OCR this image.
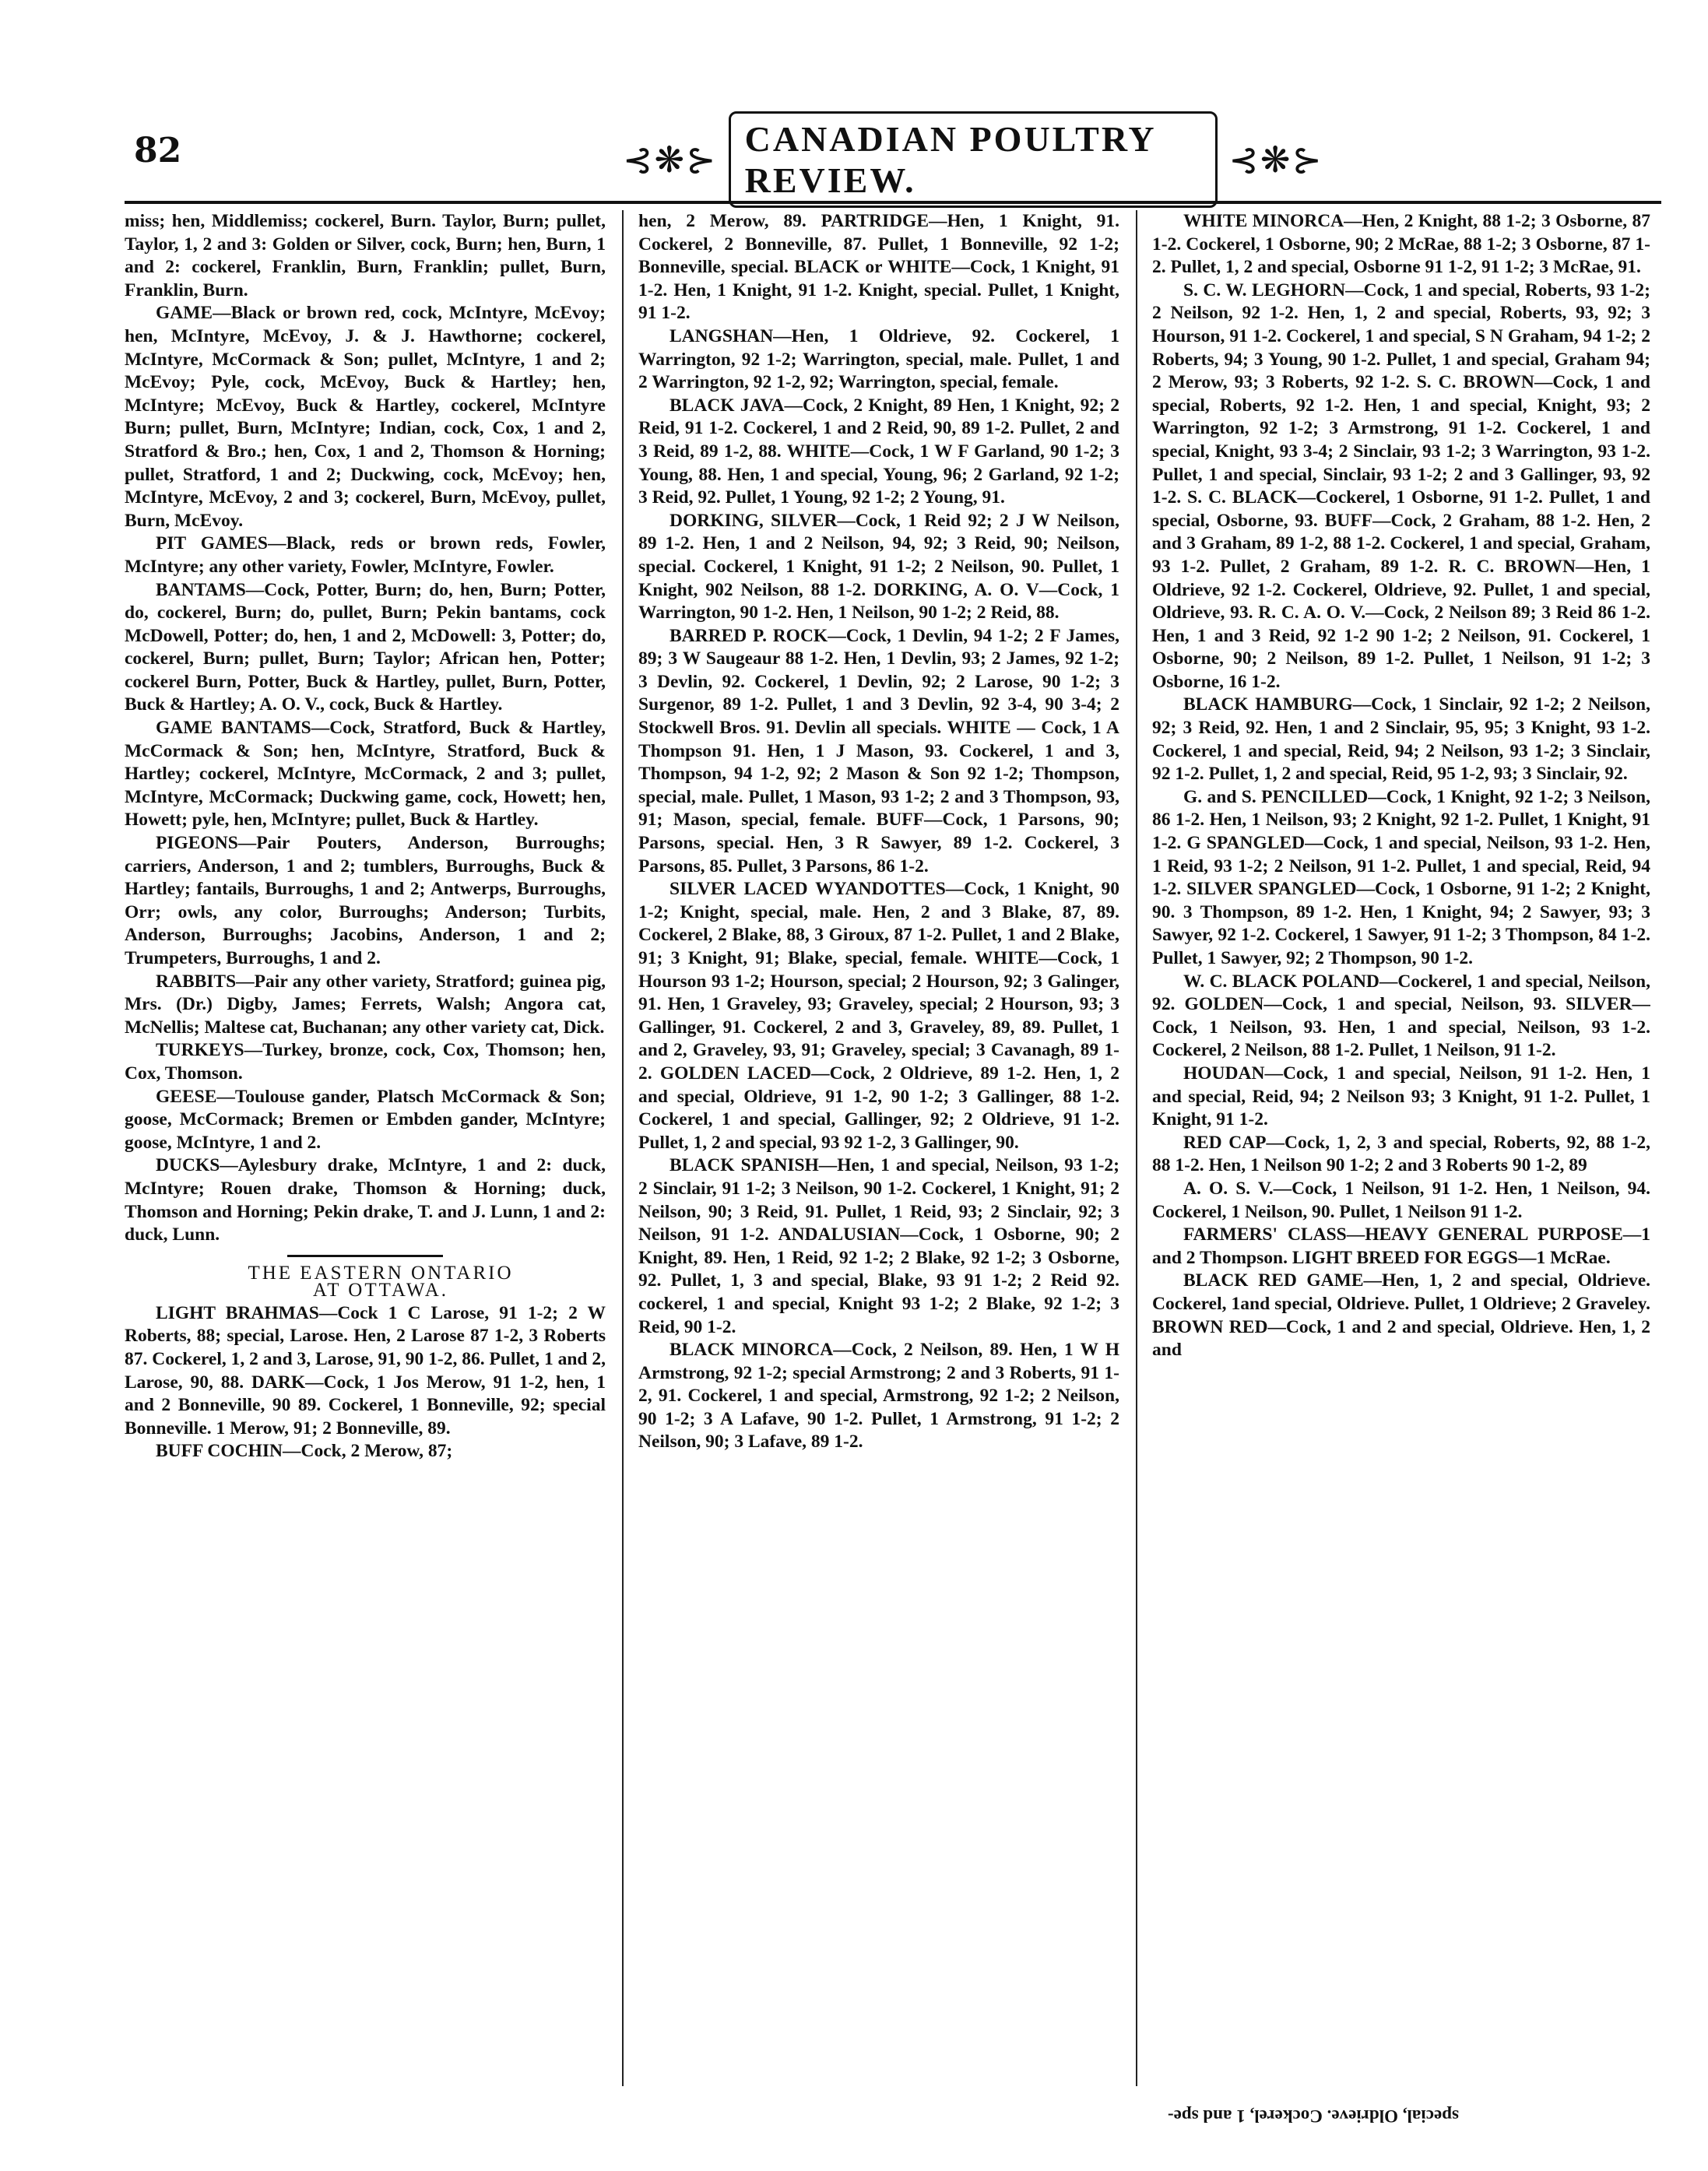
82	⊰❋⊱ CANADIAN POULTRY REVIEW.	⊰❋⊱

miss; hen, Middlemiss; cockerel, Burn. Taylor, Burn; pullet, Taylor, 1, 2 and 3: Golden or Silver, cock, Burn; hen, Burn, 1 and 2: cockerel, Franklin, Burn, Franklin; pullet, Burn, Franklin, Burn.

GAME—Black or brown red, cock, McIntyre, McEvoy; hen, McIntyre, McEvoy, J. & J. Hawthorne; cockerel, McIntyre, McCormack & Son; pullet, McIntyre, 1 and 2; McEvoy; Pyle, cock, McEvoy, Buck & Hartley; hen, McIntyre; McEvoy, Buck & Hartley, cockerel, McIntyre Burn; pullet, Burn, McIntyre; Indian, cock, Cox, 1 and 2, Stratford & Bro.; hen, Cox, 1 and 2, Thomson & Horning; pullet, Stratford, 1 and 2; Duckwing, cock, McEvoy; hen, McIntyre, McEvoy, 2 and 3; cockerel, Burn, McEvoy, pullet, Burn, McEvoy.

PIT GAMES—Black, reds or brown reds, Fowler, McIntyre; any other variety, Fowler, McIntyre, Fowler.

BANTAMS—Cock, Potter, Burn; do, hen, Burn; Potter, do, cockerel, Burn; do, pullet, Burn; Pekin bantams, cock McDowell, Potter; do, hen, 1 and 2, McDowell: 3, Potter; do, cockerel, Burn; pullet, Burn; Taylor; African hen, Potter; cockerel Burn, Potter, Buck & Hartley, pullet, Burn, Potter, Buck & Hartley; A. O. V., cock, Buck & Hartley.

GAME BANTAMS—Cock, Stratford, Buck & Hartley, McCormack & Son; hen, McIntyre, Stratford, Buck & Hartley; cockerel, McIntyre, McCormack, 2 and 3; pullet, McIntyre, McCormack; Duckwing game, cock, Howett; hen, Howett; pyle, hen, McIntyre; pullet, Buck & Hartley.

PIGEONS—Pair Pouters, Anderson, Burroughs; carriers, Anderson, 1 and 2; tumblers, Burroughs, Buck & Hartley; fantails, Burroughs, 1 and 2; Antwerps, Burroughs, Orr; owls, any color, Burroughs; Anderson; Turbits, Anderson, Burroughs; Jacobins, Anderson, 1 and 2; Trumpeters, Burroughs, 1 and 2.

RABBITS—Pair any other variety, Stratford; guinea pig, Mrs. (Dr.) Digby, James; Ferrets, Walsh; Angora cat, McNellis; Maltese cat, Buchanan; any other variety cat, Dick.

TURKEYS—Turkey, bronze, cock, Cox, Thomson; hen, Cox, Thomson.

GEESE—Toulouse gander, Platsch McCormack & Son; goose, McCormack; Bremen or Embden gander, McIntyre; goose, McIntyre, 1 and 2.

DUCKS—Aylesbury drake, McIntyre, 1 and 2: duck, McIntyre; Rouen drake, Thomson & Horning; duck, Thomson and Horning; Pekin drake, T. and J. Lunn, 1 and 2: duck, Lunn.

THE EASTERN ONTARIO

AT OTTAWA.

LIGHT BRAHMAS—Cock 1 C Larose, 91 1-2; 2 W Roberts, 88; special, Larose. Hen, 2 Larose 87 1-2, 3 Roberts 87. Cockerel, 1, 2 and 3, Larose, 91, 90 1-2, 86. Pullet, 1 and 2, Larose, 90, 88. DARK—Cock, 1 Jos Merow, 91 1-2, hen, 1 and 2 Bonneville, 90 89. Cockerel, 1 Bonneville, 92; special Bonneville. 1 Merow, 91; 2 Bonneville, 89.

BUFF COCHIN—Cock, 2 Merow, 87;

hen, 2 Merow, 89. PARTRIDGE—Hen, 1 Knight, 91. Cockerel, 2 Bonneville, 87. Pullet, 1 Bonneville, 92 1-2; Bonneville, special. BLACK or WHITE—Cock, 1 Knight, 91 1-2. Hen, 1 Knight, 91 1-2. Knight, special. Pullet, 1 Knight, 91 1-2.

LANGSHAN—Hen, 1 Oldrieve, 92. Cockerel, 1 Warrington, 92 1-2; Warrington, special, male. Pullet, 1 and 2 Warrington, 92 1-2, 92; Warrington, special, female.

BLACK JAVA—Cock, 2 Knight, 89 Hen, 1 Knight, 92; 2 Reid, 91 1-2. Cockerel, 1 and 2 Reid, 90, 89 1-2. Pullet, 2 and 3 Reid, 89 1-2, 88. WHITE—Cock, 1 W F Garland, 90 1-2; 3 Young, 88. Hen, 1 and special, Young, 96; 2 Garland, 92 1-2; 3 Reid, 92. Pullet, 1 Young, 92 1-2; 2 Young, 91.

DORKING, SILVER—Cock, 1 Reid 92; 2 J W Neilson, 89 1-2. Hen, 1 and 2 Neilson, 94, 92; 3 Reid, 90; Neilson, special. Cockerel, 1 Knight, 91 1-2; 2 Neilson, 90. Pullet, 1 Knight, 902 Neilson, 88 1-2. DORKING, A. O. V—Cock, 1 Warrington, 90 1-2. Hen, 1 Neilson, 90 1-2; 2 Reid, 88.

BARRED P. ROCK—Cock, 1 Devlin, 94 1-2; 2 F James, 89; 3 W Saugeaur 88 1-2. Hen, 1 Devlin, 93; 2 James, 92 1-2; 3 Devlin, 92. Cockerel, 1 Devlin, 92; 2 Larose, 90 1-2; 3 Surgenor, 89 1-2. Pullet, 1 and 3 Devlin, 92 3-4, 90 3-4; 2 Stockwell Bros. 91. Devlin all specials. WHITE — Cock, 1 A Thompson 91. Hen, 1 J Mason, 93. Cockerel, 1 and 3, Thompson, 94 1-2, 92; 2 Mason & Son 92 1-2; Thompson, special, male. Pullet, 1 Mason, 93 1-2; 2 and 3 Thompson, 93, 91; Mason, special, female. BUFF—Cock, 1 Parsons, 90; Parsons, special. Hen, 3 R Sawyer, 89 1-2. Cockerel, 3 Parsons, 85. Pullet, 3 Parsons, 86 1-2.

SILVER LACED WYANDOTTES—Cock, 1 Knight, 90 1-2; Knight, special, male. Hen, 2 and 3 Blake, 87, 89. Cockerel, 2 Blake, 88, 3 Giroux, 87 1-2. Pullet, 1 and 2 Blake, 91; 3 Knight, 91; Blake, special, female. WHITE—Cock, 1 Hourson 93 1-2; Hourson, special; 2 Hourson, 92; 3 Galinger, 91. Hen, 1 Graveley, 93; Graveley, special; 2 Hourson, 93; 3 Gallinger, 91. Cockerel, 2 and 3, Graveley, 89, 89. Pullet, 1 and 2, Graveley, 93, 91; Graveley, special; 3 Cavanagh, 89 1-2. GOLDEN LACED—Cock, 2 Oldrieve, 89 1-2. Hen, 1, 2 and special, Oldrieve, 91 1-2, 90 1-2; 3 Gallinger, 88 1-2. Cockerel, 1 and special, Gallinger, 92; 2 Oldrieve, 91 1-2. Pullet, 1, 2 and special, 93 92 1-2, 3 Gallinger, 90.

BLACK SPANISH—Hen, 1 and special, Neilson, 93 1-2; 2 Sinclair, 91 1-2; 3 Neilson, 90 1-2. Cockerel, 1 Knight, 91; 2 Neilson, 90; 3 Reid, 91. Pullet, 1 Reid, 93; 2 Sinclair, 92; 3 Neilson, 91 1-2. ANDALUSIAN—Cock, 1 Osborne, 90; 2 Knight, 89. Hen, 1 Reid, 92 1-2; 2 Blake, 92 1-2; 3 Osborne, 92. Pullet, 1, 3 and special, Blake, 93 91 1-2; 2 Reid 92. cockerel, 1 and special, Knight 93 1-2; 2 Blake, 92 1-2; 3 Reid, 90 1-2.

BLACK MINORCA—Cock, 2 Neilson, 89. Hen, 1 W H Armstrong, 92 1-2; special Armstrong; 2 and 3 Roberts, 91 1-2, 91. Cockerel, 1 and special, Armstrong, 92 1-2; 2 Neilson, 90 1-2; 3 A Lafave, 90 1-2. Pullet, 1 Armstrong, 91 1-2; 2 Neilson, 90; 3 Lafave, 89 1-2.

WHITE MINORCA—Hen, 2 Knight, 88 1-2; 3 Osborne, 87 1-2. Cockerel, 1 Osborne, 90; 2 McRae, 88 1-2; 3 Osborne, 87 1-2. Pullet, 1, 2 and special, Osborne 91 1-2, 91 1-2; 3 McRae, 91.

S. C. W. LEGHORN—Cock, 1 and special, Roberts, 93 1-2; 2 Neilson, 92 1-2. Hen, 1, 2 and special, Roberts, 93, 92; 3 Hourson, 91 1-2. Cockerel, 1 and special, S N Graham, 94 1-2; 2 Roberts, 94; 3 Young, 90 1-2. Pullet, 1 and special, Graham 94; 2 Merow, 93; 3 Roberts, 92 1-2. S. C. BROWN—Cock, 1 and special, Roberts, 92 1-2. Hen, 1 and special, Knight, 93; 2 Warrington, 92 1-2; 3 Armstrong, 91 1-2. Cockerel, 1 and special, Knight, 93 3-4; 2 Sinclair, 93 1-2; 3 Warrington, 93 1-2. Pullet, 1 and special, Sinclair, 93 1-2; 2 and 3 Gallinger, 93, 92 1-2. S. C. BLACK—Cockerel, 1 Osborne, 91 1-2. Pullet, 1 and special, Osborne, 93. BUFF—Cock, 2 Graham, 88 1-2. Hen, 2 and 3 Graham, 89 1-2, 88 1-2. Cockerel, 1 and special, Graham, 93 1-2. Pullet, 2 Graham, 89 1-2. R. C. BROWN—Hen, 1 Oldrieve, 92 1-2. Cockerel, Oldrieve, 92. Pullet, 1 and special, Oldrieve, 93. R. C. A. O. V.—Cock, 2 Neilson 89; 3 Reid 86 1-2. Hen, 1 and 3 Reid, 92 1-2 90 1-2; 2 Neilson, 91. Cockerel, 1 Osborne, 90; 2 Neilson, 89 1-2. Pullet, 1 Neilson, 91 1-2; 3 Osborne, 16 1-2.

BLACK HAMBURG—Cock, 1 Sinclair, 92 1-2; 2 Neilson, 92; 3 Reid, 92. Hen, 1 and 2 Sinclair, 95, 95; 3 Knight, 93 1-2. Cockerel, 1 and special, Reid, 94; 2 Neilson, 93 1-2; 3 Sinclair, 92 1-2. Pullet, 1, 2 and special, Reid, 95 1-2, 93; 3 Sinclair, 92.

G. and S. PENCILLED—Cock, 1 Knight, 92 1-2; 3 Neilson, 86 1-2. Hen, 1 Neilson, 93; 2 Knight, 92 1-2. Pullet, 1 Knight, 91 1-2. G SPANGLED—Cock, 1 and special, Neilson, 93 1-2. Hen, 1 Reid, 93 1-2; 2 Neilson, 91 1-2. Pullet, 1 and special, Reid, 94 1-2. SILVER SPANGLED—Cock, 1 Osborne, 91 1-2; 2 Knight, 90. 3 Thompson, 89 1-2. Hen, 1 Knight, 94; 2 Sawyer, 93; 3 Sawyer, 92 1-2. Cockerel, 1 Sawyer, 91 1-2; 3 Thompson, 84 1-2. Pullet, 1 Sawyer, 92; 2 Thompson, 90 1-2.

W. C. BLACK POLAND—Cockerel, 1 and special, Neilson, 92. GOLDEN—Cock, 1 and special, Neilson, 93. SILVER—Cock, 1 Neilson, 93. Hen, 1 and special, Neilson, 93 1-2. Cockerel, 2 Neilson, 88 1-2. Pullet, 1 Neilson, 91 1-2.

HOUDAN—Cock, 1 and special, Neilson, 91 1-2. Hen, 1 and special, Reid, 94; 2 Neilson 93; 3 Knight, 91 1-2. Pullet, 1 Knight, 91 1-2.

RED CAP—Cock, 1, 2, 3 and special, Roberts, 92, 88 1-2, 88 1-2. Hen, 1 Neilson 90 1-2; 2 and 3 Roberts 90 1-2, 89

A. O. S. V.—Cock, 1 Neilson, 91 1-2. Hen, 1 Neilson, 94. Cockerel, 1 Neilson, 90. Pullet, 1 Neilson 91 1-2.

FARMERS' CLASS—HEAVY GENERAL PURPOSE—1 and 2 Thompson. LIGHT BREED FOR EGGS—1 McRae.

BLACK RED GAME—Hen, 1, 2 and special, Oldrieve. Cockerel, 1and special, Oldrieve. Pullet, 1 Oldrieve; 2 Graveley. BROWN RED—Cock, 1 and 2 and special, Oldrieve. Hen, 1, 2 and

special, Oldrieve. Cockerel, 1 and spe-
